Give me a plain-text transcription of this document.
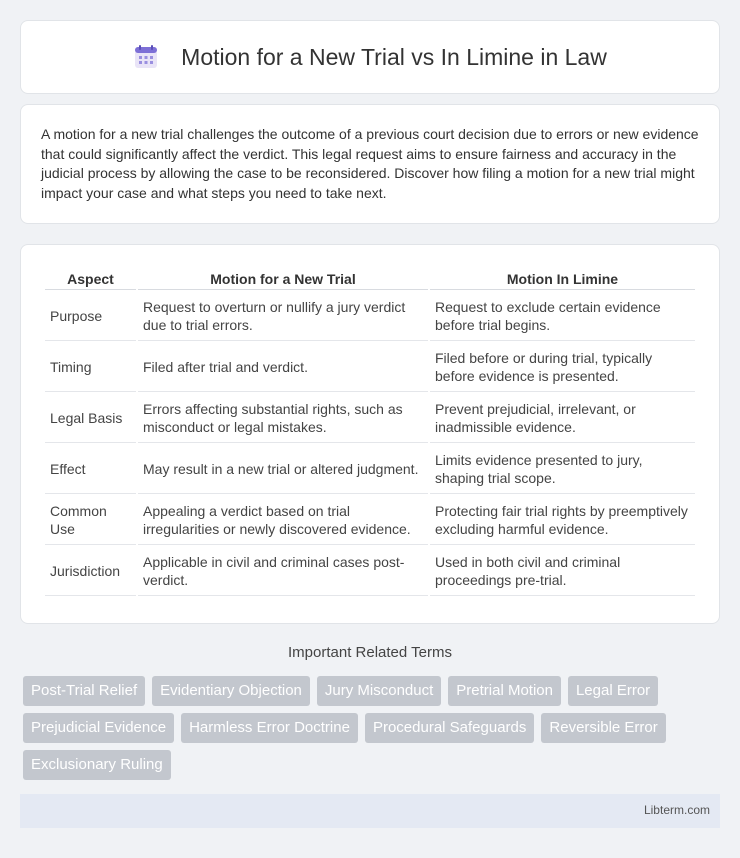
Motion for a New Trial vs In Limine in Law

A motion for a new trial challenges the outcome of a previous court decision due to errors or new evidence that could significantly affect the verdict. This legal request aims to ensure fairness and accuracy in the judicial process by allowing the case to be reconsidered. Discover how filing a motion for a new trial might impact your case and what steps you need to take next.

Aspect	Motion for a New Trial	Motion In Limine
Purpose	Request to overturn or nullify a jury verdict due to trial errors.	Request to exclude certain evidence before trial begins.
Timing	Filed after trial and verdict.	Filed before or during trial, typically before evidence is presented.
Legal Basis	Errors affecting substantial rights, such as misconduct or legal mistakes.	Prevent prejudicial, irrelevant, or inadmissible evidence.
Effect	May result in a new trial or altered judgment.	Limits evidence presented to jury, shaping trial scope.
Common Use	Appealing a verdict based on trial irregularities or newly discovered evidence.	Protecting fair trial rights by preemptively excluding harmful evidence.
Jurisdiction	Applicable in civil and criminal cases post-verdict.	Used in both civil and criminal proceedings pre-trial.
Important Related Terms
Post-Trial Relief	Evidentiary Objection	Jury Misconduct	Pretrial Motion	Legal Error
Prejudicial Evidence	Harmless Error Doctrine	Procedural Safeguards	Reversible Error
Exclusionary Ruling
Libterm.com
